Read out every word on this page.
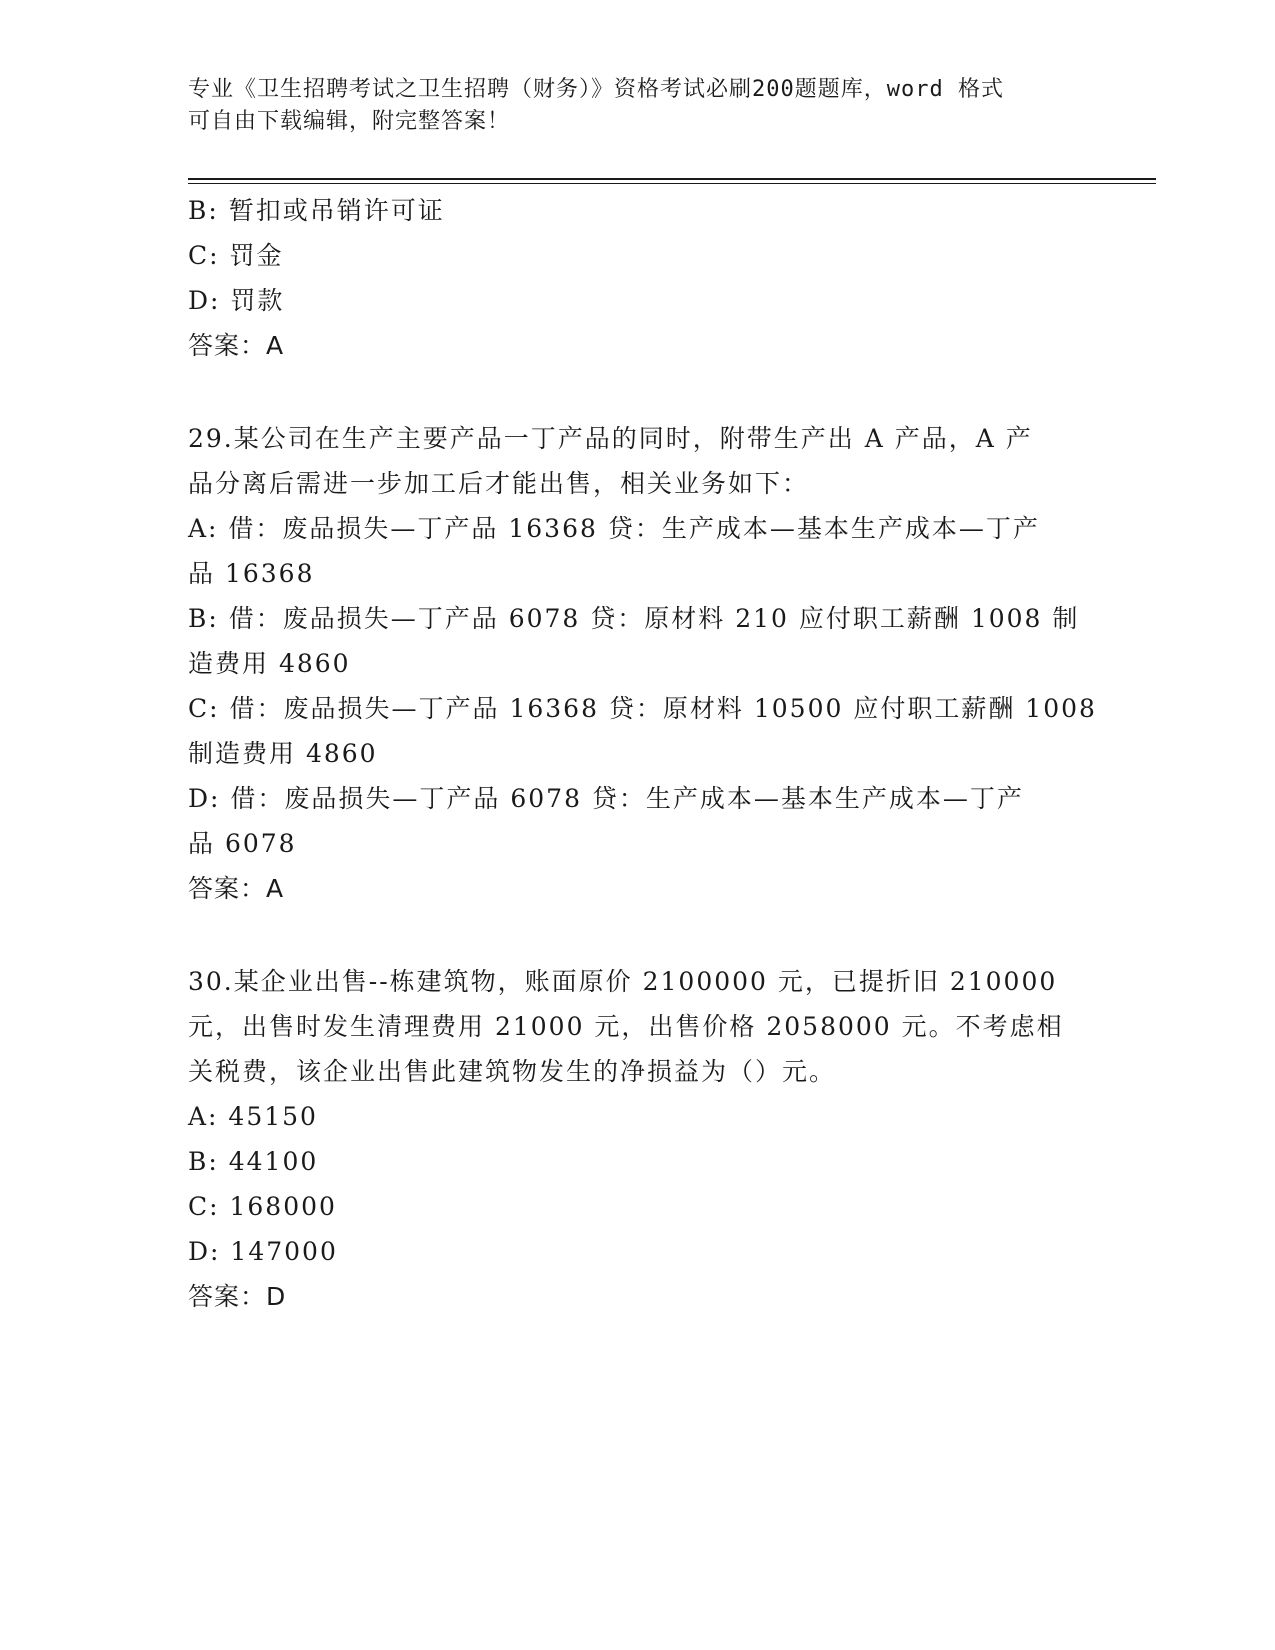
专业《卫生招聘考试之卫生招聘（财务）》资格考试必刷200题题库，word 格式
可自由下载编辑，附完整答案！
B: 暂扣或吊销许可证
C: 罚金
D: 罚款
答案：A
29.某公司在生产主要产品一丁产品的同时，附带生产出 A 产品，A 产
品分离后需进一步加工后才能出售，相关业务如下：
A: 借：废品损失—丁产品 16368 贷：生产成本—基本生产成本—丁产
品 16368
B: 借：废品损失—丁产品 6078 贷：原材料 210 应付职工薪酬 1008 制
造费用 4860
C: 借：废品损失—丁产品 16368 贷：原材料 10500 应付职工薪酬 1008
制造费用 4860
D: 借：废品损失—丁产品 6078 贷：生产成本—基本生产成本—丁产
品 6078
答案：A
30.某企业出售--栋建筑物，账面原价 2100000 元，已提折旧 210000
元，出售时发生清理费用 21000 元，出售价格 2058000 元。不考虑相
关税费，该企业出售此建筑物发生的净损益为（）元。
A: 45150
B: 44100
C: 168000
D: 147000
答案：D
